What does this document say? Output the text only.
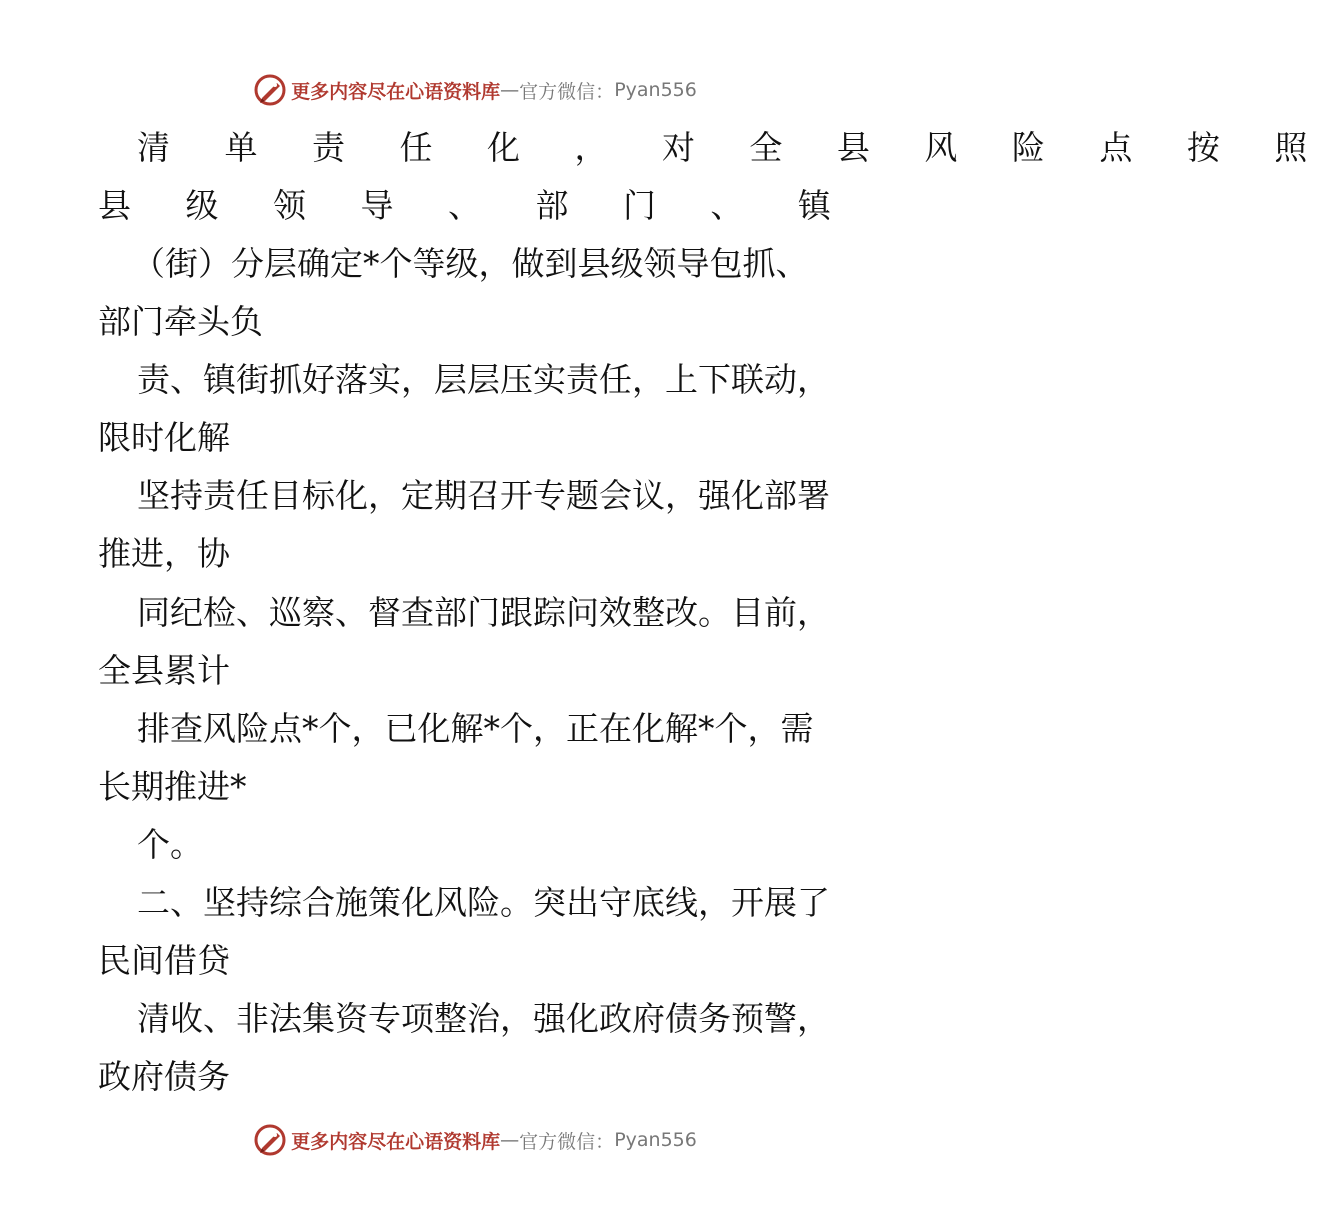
更多内容尽在心语资料库 — 官方微信： Pyan556
清 单 责 任 化 ， 对 全 县 风 险 点 按 照
县 级 领 导 、 部 门 、 镇
（街）分层确定*个等级，做到县级领导包抓、
部门牵头负
责、镇街抓好落实，层层压实责任，上下联动，
限时化解
坚持责任目标化，定期召开专题会议，强化部署
推进，协
同纪检、巡察、督查部门跟踪问效整改。目前，
全县累计
排查风险点*个，已化解*个，正在化解*个，需
长期推进*
个。
二、坚持综合施策化风险。突出守底线，开展了
民间借贷
清收、非法集资专项整治，强化政府债务预警，
政府债务
更多内容尽在心语资料库 — 官方微信： Pyan556
